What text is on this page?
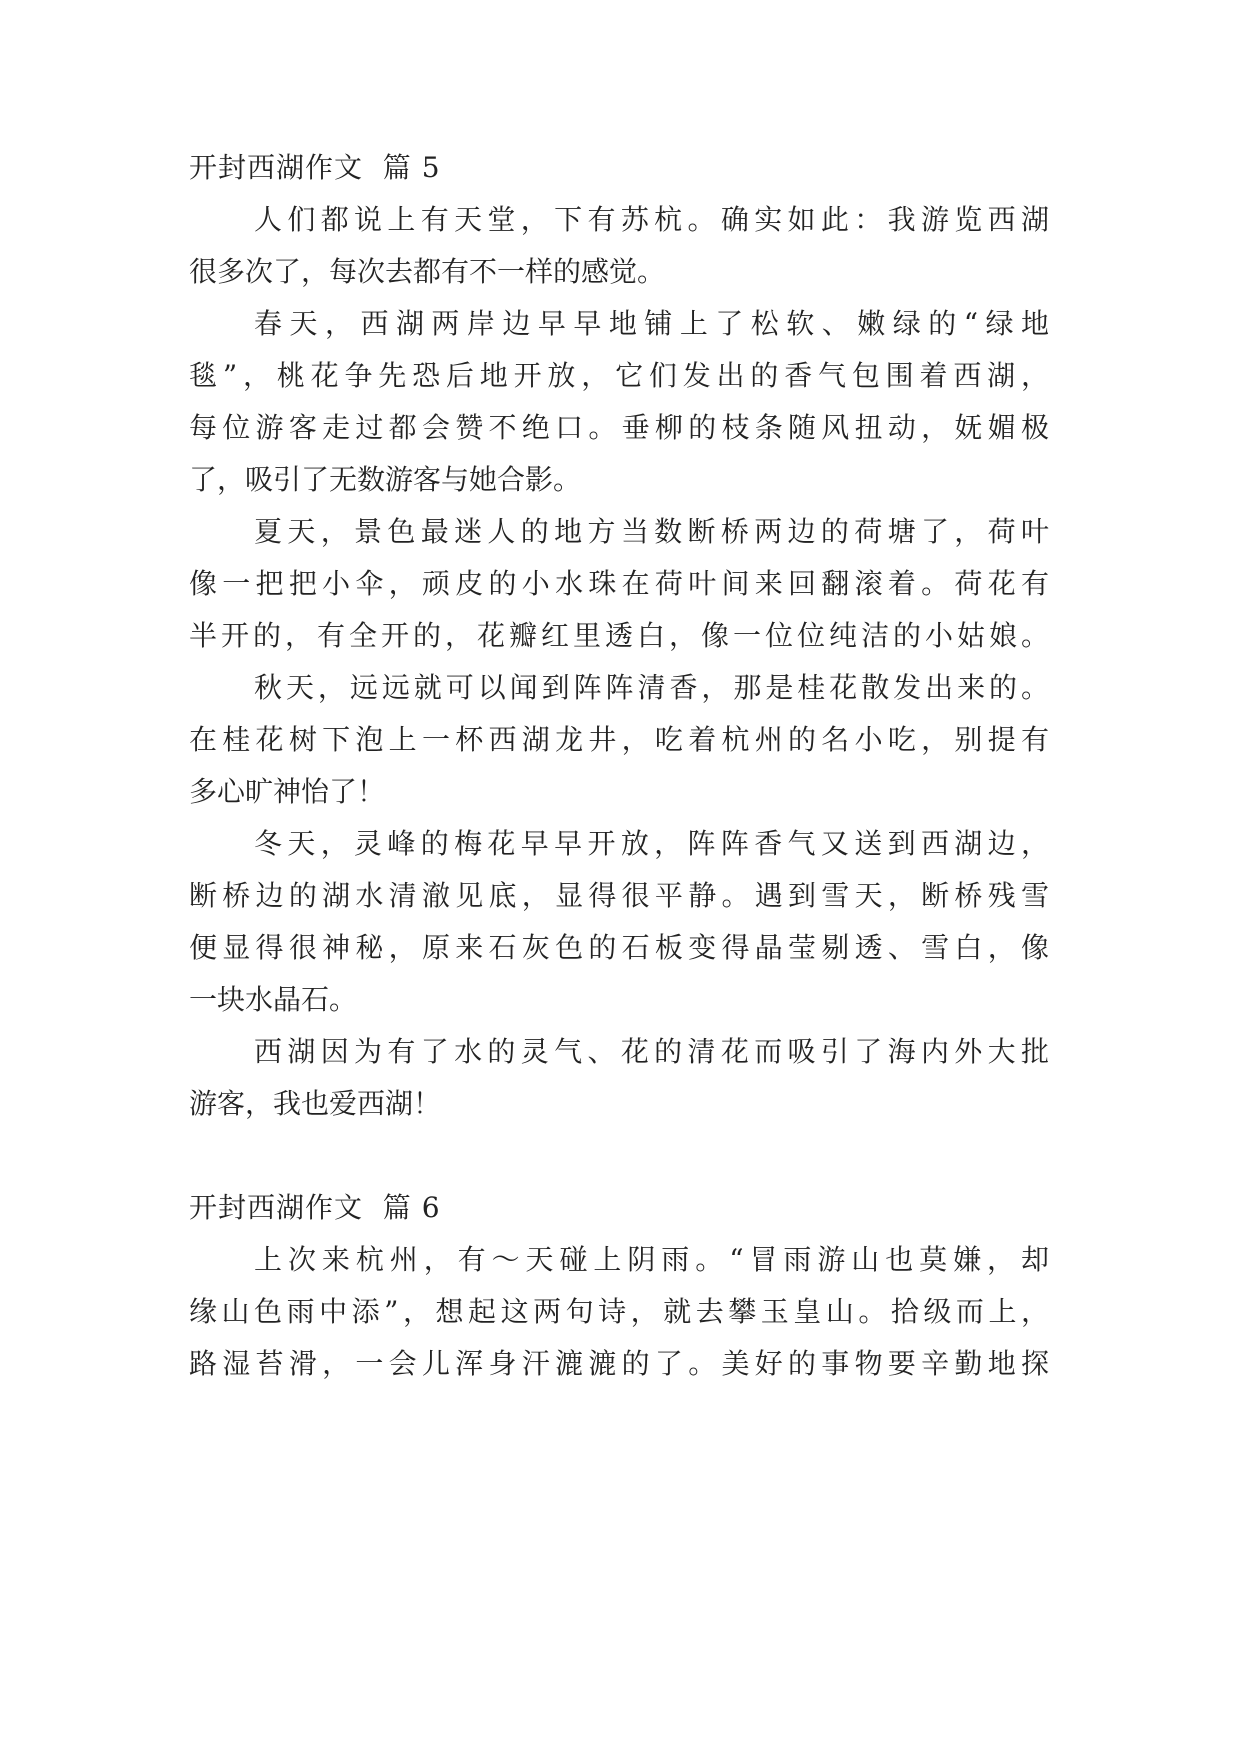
开封西湖作文  篇 5
人们都说上有天堂，下有苏杭。确实如此：我游览西湖
很多次了，每次去都有不一样的感觉。
春天，西湖两岸边早早地铺上了松软、嫩绿的“绿地
毯”，桃花争先恐后地开放，它们发出的香气包围着西湖，
每位游客走过都会赞不绝口。垂柳的枝条随风扭动，妩媚极
了，吸引了无数游客与她合影。
夏天，景色最迷人的地方当数断桥两边的荷塘了，荷叶
像一把把小伞，顽皮的小水珠在荷叶间来回翻滚着。荷花有
半开的，有全开的，花瓣红里透白，像一位位纯洁的小姑娘。
秋天，远远就可以闻到阵阵清香，那是桂花散发出来的。
在桂花树下泡上一杯西湖龙井，吃着杭州的名小吃，别提有
多心旷神怡了！
冬天，灵峰的梅花早早开放，阵阵香气又送到西湖边，
断桥边的湖水清澈见底，显得很平静。遇到雪天，断桥残雪
便显得很神秘，原来石灰色的石板变得晶莹剔透、雪白，像
一块水晶石。
西湖因为有了水的灵气、花的清花而吸引了海内外大批
游客，我也爱西湖！
开封西湖作文  篇 6
上次来杭州，有～天碰上阴雨。“冒雨游山也莫嫌，却
缘山色雨中添”，想起这两句诗，就去攀玉皇山。拾级而上，
路湿苔滑，一会儿浑身汗漉漉的了。美好的事物要辛勤地探
